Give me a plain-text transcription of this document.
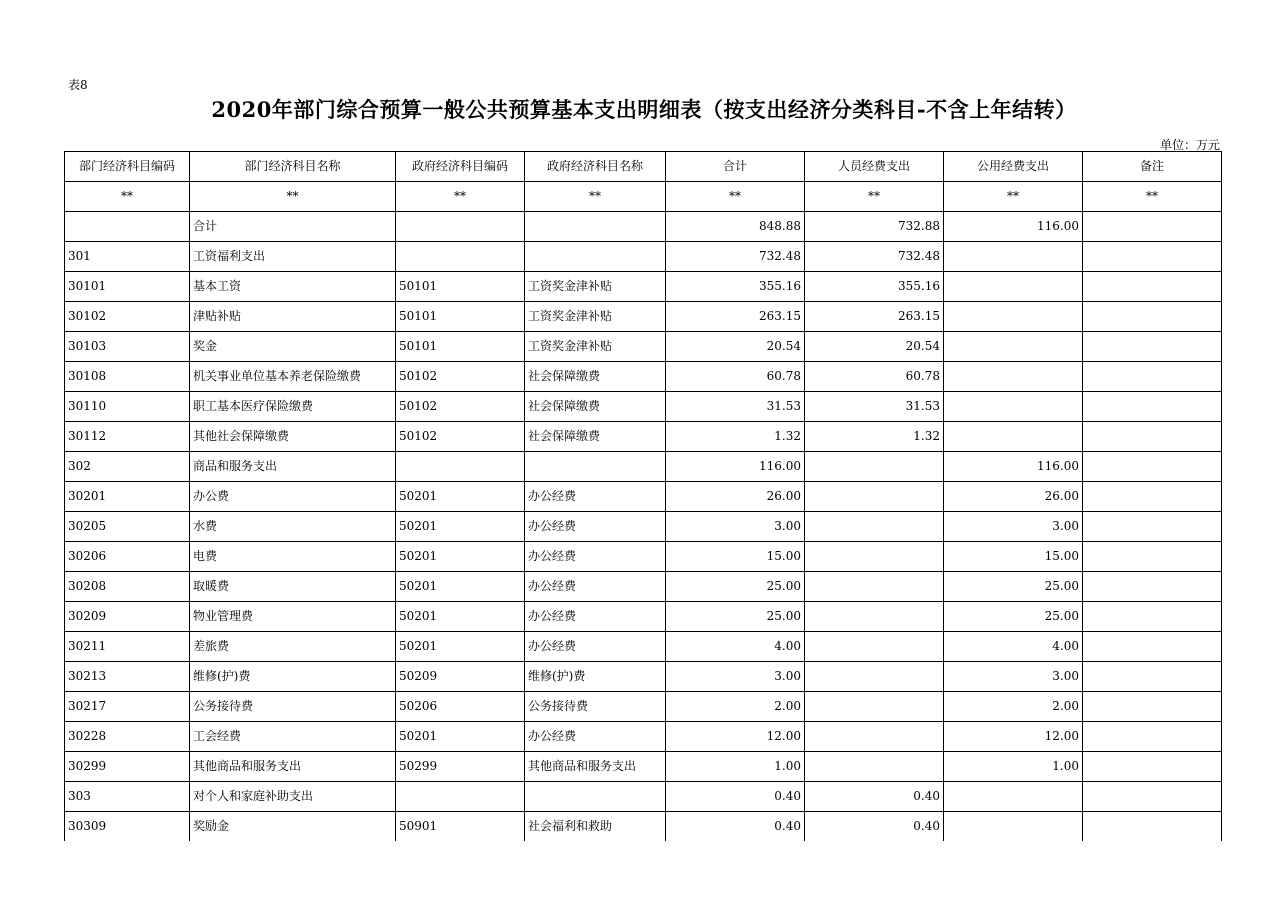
表8
2020年部门综合预算一般公共预算基本支出明细表（按支出经济分类科目-不含上年结转）
单位：万元
部门经济科目编码	部门经济科目名称	政府经济科目编码	政府经济科目名称	合计	人员经费支出	公用经费支出	备注
**	**	**	**	**	**	**	**
	合计			848.88	732.88	116.00	
301	工资福利支出			732.48	732.48		
30101	基本工资	50101	工资奖金津补贴	355.16	355.16		
30102	津贴补贴	50101	工资奖金津补贴	263.15	263.15		
30103	奖金	50101	工资奖金津补贴	20.54	20.54		
30108	机关事业单位基本养老保险缴费	50102	社会保障缴费	60.78	60.78		
30110	职工基本医疗保险缴费	50102	社会保障缴费	31.53	31.53		
30112	其他社会保障缴费	50102	社会保障缴费	1.32	1.32		
302	商品和服务支出			116.00		116.00	
30201	办公费	50201	办公经费	26.00		26.00	
30205	水费	50201	办公经费	3.00		3.00	
30206	电费	50201	办公经费	15.00		15.00	
30208	取暖费	50201	办公经费	25.00		25.00	
30209	物业管理费	50201	办公经费	25.00		25.00	
30211	差旅费	50201	办公经费	4.00		4.00	
30213	维修(护)费	50209	维修(护)费	3.00		3.00	
30217	公务接待费	50206	公务接待费	2.00		2.00	
30228	工会经费	50201	办公经费	12.00		12.00	
30299	其他商品和服务支出	50299	其他商品和服务支出	1.00		1.00	
303	对个人和家庭补助支出			0.40	0.40		
30309	奖励金	50901	社会福利和救助	0.40	0.40		
